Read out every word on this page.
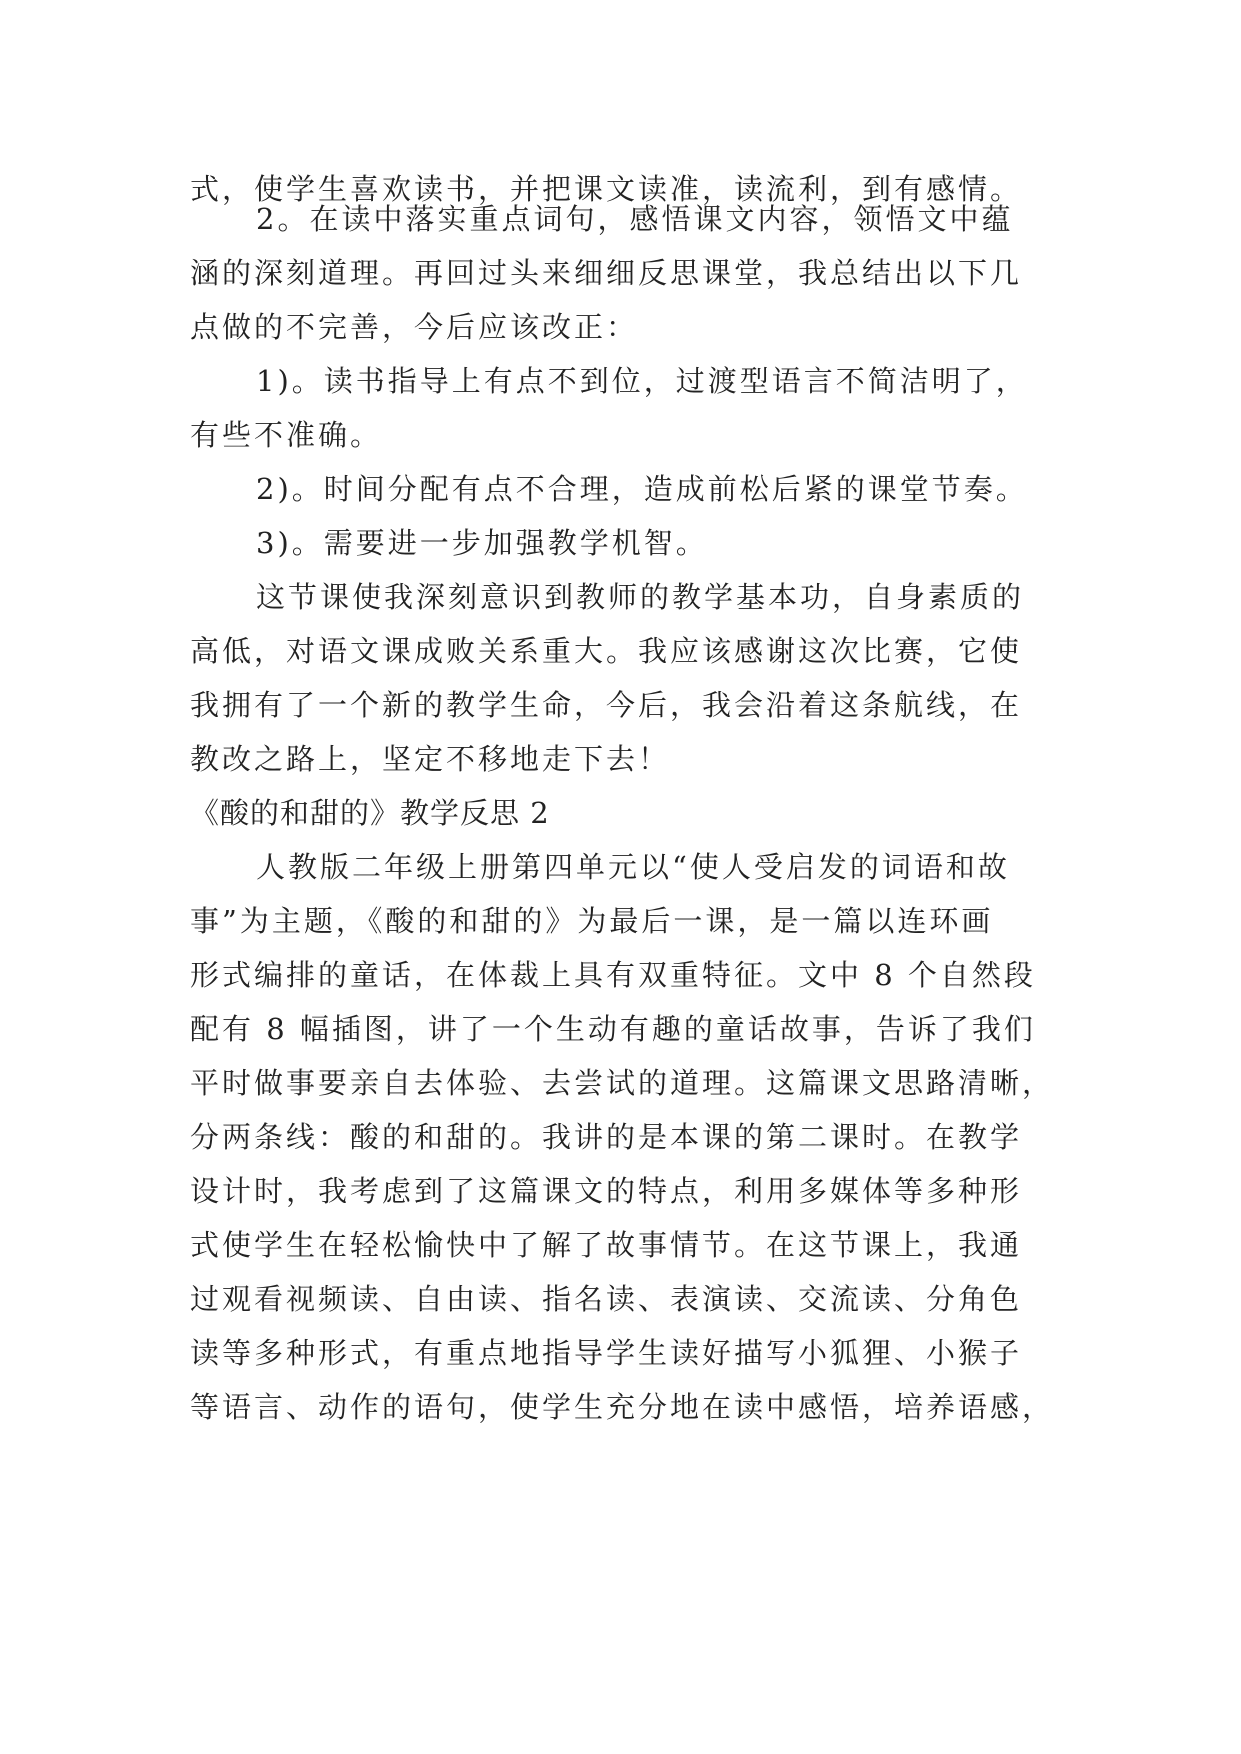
式，使学生喜欢读书，并把课文读准，读流利，到有感情。
2。在读中落实重点词句，感悟课文内容，领悟文中蕴
涵的深刻道理。再回过头来细细反思课堂，我总结出以下几
点做的不完善，今后应该改正：
1)。读书指导上有点不到位，过渡型语言不简洁明了，
有些不准确。
2)。时间分配有点不合理，造成前松后紧的课堂节奏。
3)。需要进一步加强教学机智。
这节课使我深刻意识到教师的教学基本功，自身素质的
高低，对语文课成败关系重大。我应该感谢这次比赛，它使
我拥有了一个新的教学生命，今后，我会沿着这条航线，在
教改之路上，坚定不移地走下去！
《酸的和甜的》教学反思 2
人教版二年级上册第四单元以“使人受启发的词语和故
事”为主题，《酸的和甜的》为最后一课，是一篇以连环画
形式编排的童话，在体裁上具有双重特征。文中 8 个自然段
配有 8 幅插图，讲了一个生动有趣的童话故事，告诉了我们
平时做事要亲自去体验、去尝试的道理。这篇课文思路清晰，
分两条线：酸的和甜的。我讲的是本课的第二课时。在教学
设计时，我考虑到了这篇课文的特点，利用多媒体等多种形
式使学生在轻松愉快中了解了故事情节。在这节课上，我通
过观看视频读、自由读、指名读、表演读、交流读、分角色
读等多种形式，有重点地指导学生读好描写小狐狸、小猴子
等语言、动作的语句，使学生充分地在读中感悟，培养语感，
